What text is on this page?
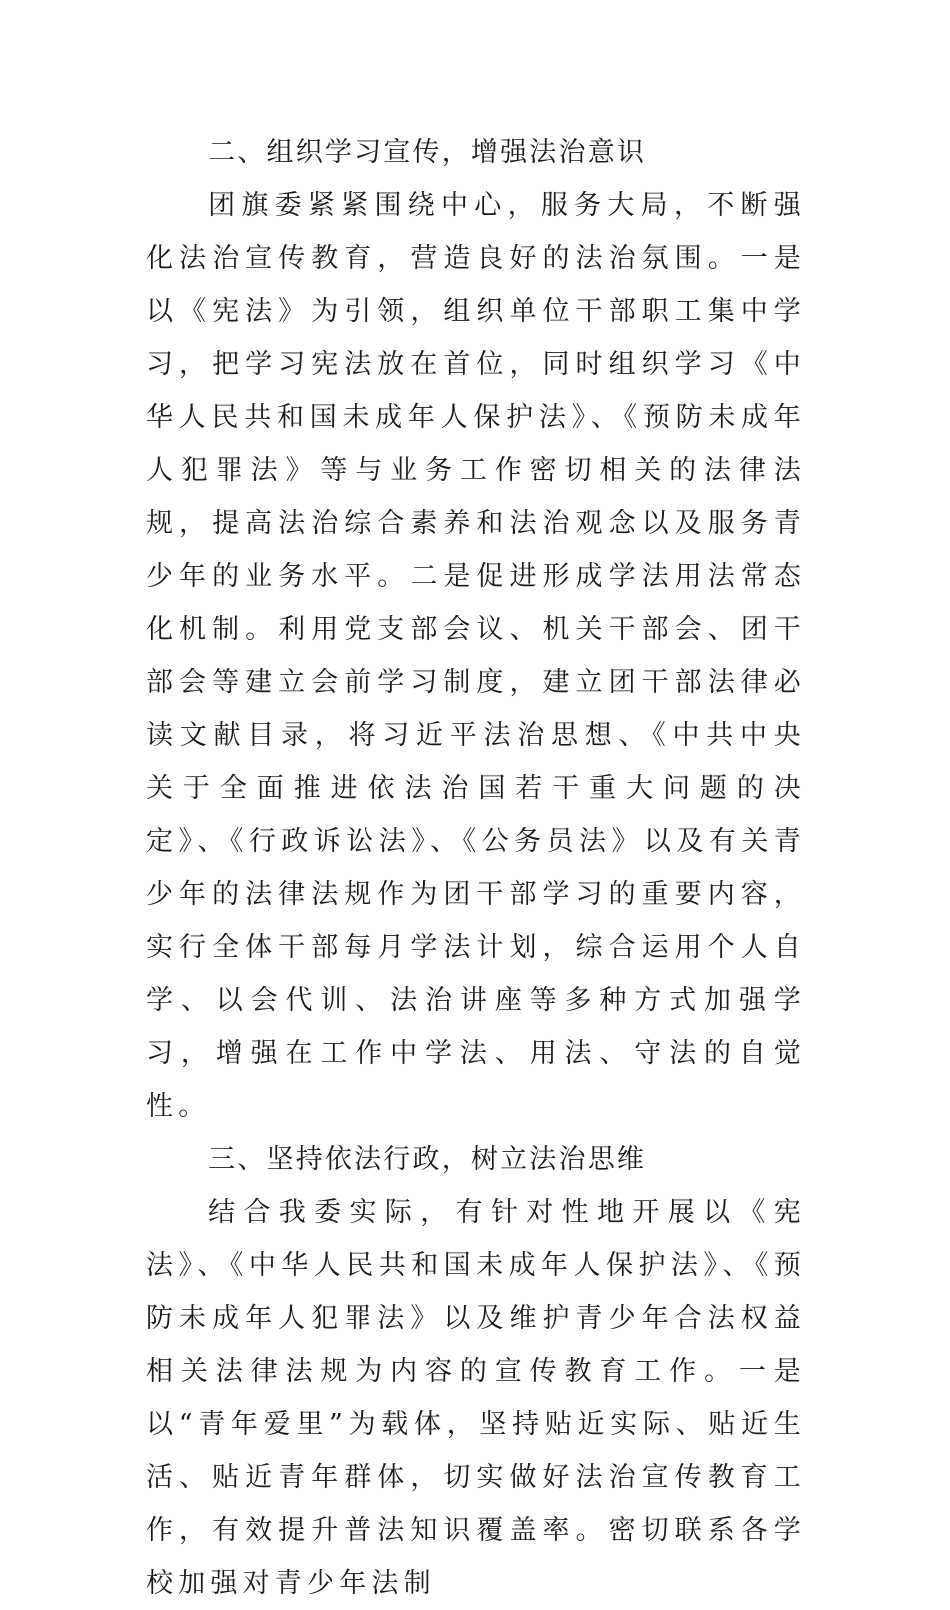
二、组织学习宣传，增强法治意识

团旗委紧紧围绕中心，服务大局，不断强化法治宣传教育，营造良好的法治氛围。一是以《宪法》为引领，组织单位干部职工集中学习，把学习宪法放在首位，同时组织学习《中华人民共和国未成年人保护法》、《预防未成年人犯罪法》等与业务工作密切相关的法律法规，提高法治综合素养和法治观念以及服务青少年的业务水平。二是促进形成学法用法常态化机制。利用党支部会议、机关干部会、团干部会等建立会前学习制度，建立团干部法律必读文献目录，将习近平法治思想、《中共中央关于全面推进依法治国若干重大问题的决定》、《行政诉讼法》、《公务员法》以及有关青少年的法律法规作为团干部学习的重要内容，实行全体干部每月学法计划，综合运用个人自学、以会代训、法治讲座等多种方式加强学习，增强在工作中学法、用法、守法的自觉性。

三、坚持依法行政，树立法治思维

结合我委实际，有针对性地开展以《宪法》、《中华人民共和国未成年人保护法》、《预防未成年人犯罪法》以及维护青少年合法权益相关法律法规为内容的宣传教育工作。一是以“青年爱里”为载体，坚持贴近实际、贴近生活、贴近青年群体，切实做好法治宣传教育工作，有效提升普法知识覆盖率。密切联系各学校加强对青少年法制
